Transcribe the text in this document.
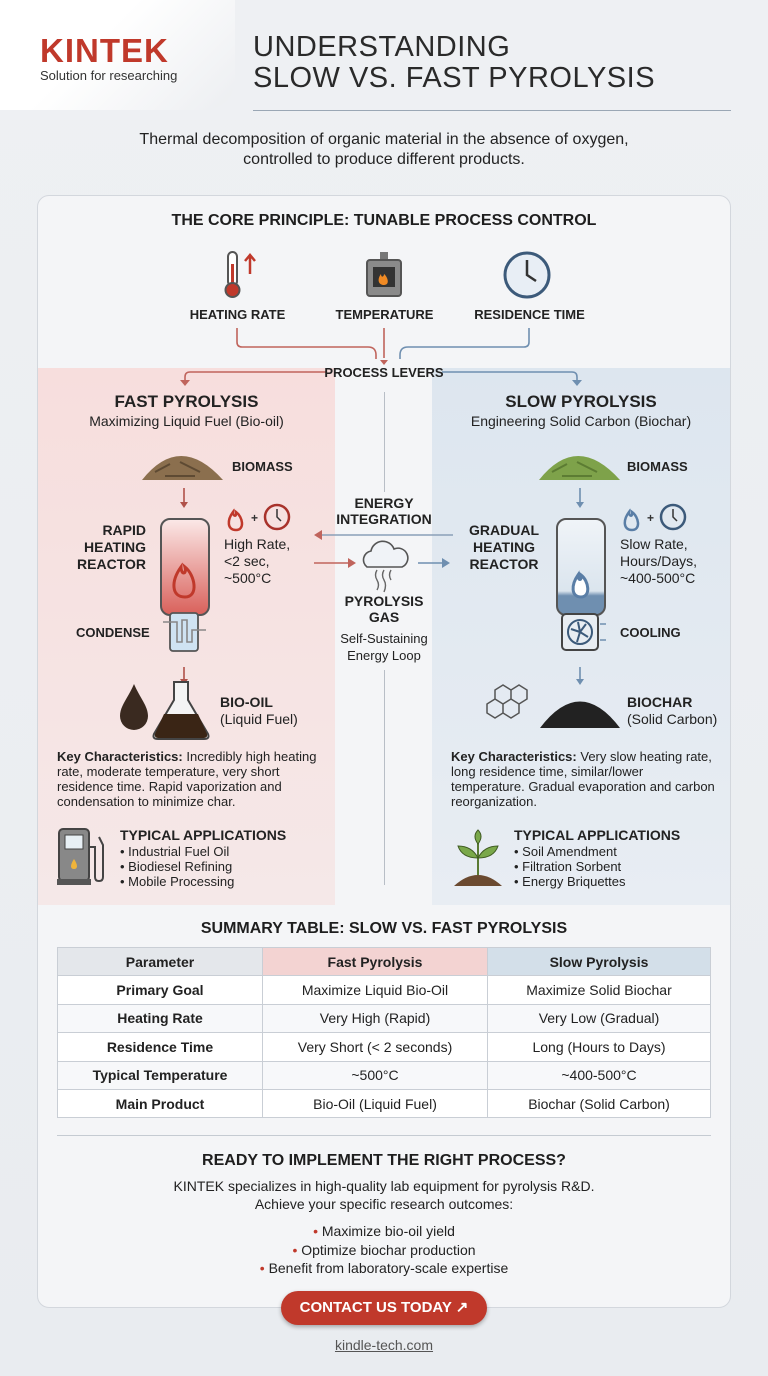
KINTEK
Solution for researching
UNDERSTANDING
SLOW VS. FAST PYROLYSIS
Thermal decomposition of organic material in the absence of oxygen,
controlled to produce different products.
THE CORE PRINCIPLE: TUNABLE PROCESS CONTROL
HEATING RATE	TEMPERATURE	RESIDENCE TIME
PROCESS LEVERS
FAST PYROLYSIS
Maximizing Liquid Fuel (Bio-oil)
BIOMASS
RAPID
HEATING
REACTOR
+
High Rate,
<2 sec,
~500°C
CONDENSE
BIO-OIL
(Liquid Fuel)
Key Characteristics: Incredibly high heating rate, moderate temperature, very short residence time. Rapid vaporization and condensation to minimize char.
TYPICAL APPLICATIONS
• Industrial Fuel Oil
• Biodiesel Refining
• Mobile Processing
ENERGY
INTEGRATION
PYROLYSIS
GAS
Self-Sustaining
Energy Loop
SLOW PYROLYSIS
Engineering Solid Carbon (Biochar)
BIOMASS
GRADUAL
HEATING
REACTOR
+
Slow Rate,
Hours/Days,
~400-500°C
COOLING
BIOCHAR
(Solid Carbon)
Key Characteristics: Very slow heating rate, long residence time, similar/lower temperature. Gradual evaporation and carbon reorganization.
TYPICAL APPLICATIONS
• Soil Amendment
• Filtration Sorbent
• Energy Briquettes
SUMMARY TABLE: SLOW VS. FAST PYROLYSIS
Parameter	Fast Pyrolysis	Slow Pyrolysis
Primary Goal	Maximize Liquid Bio-Oil	Maximize Solid Biochar
Heating Rate	Very High (Rapid)	Very Low (Gradual)
Residence Time	Very Short (< 2 seconds)	Long (Hours to Days)
Typical Temperature	~500°C	~400-500°C
Main Product	Bio-Oil (Liquid Fuel)	Biochar (Solid Carbon)
READY TO IMPLEMENT THE RIGHT PROCESS?
KINTEK specializes in high-quality lab equipment for pyrolysis R&D.
Achieve your specific research outcomes:
• Maximize bio-oil yield
• Optimize biochar production
• Benefit from laboratory-scale expertise
CONTACT US TODAY ↗
kindle-tech.com
